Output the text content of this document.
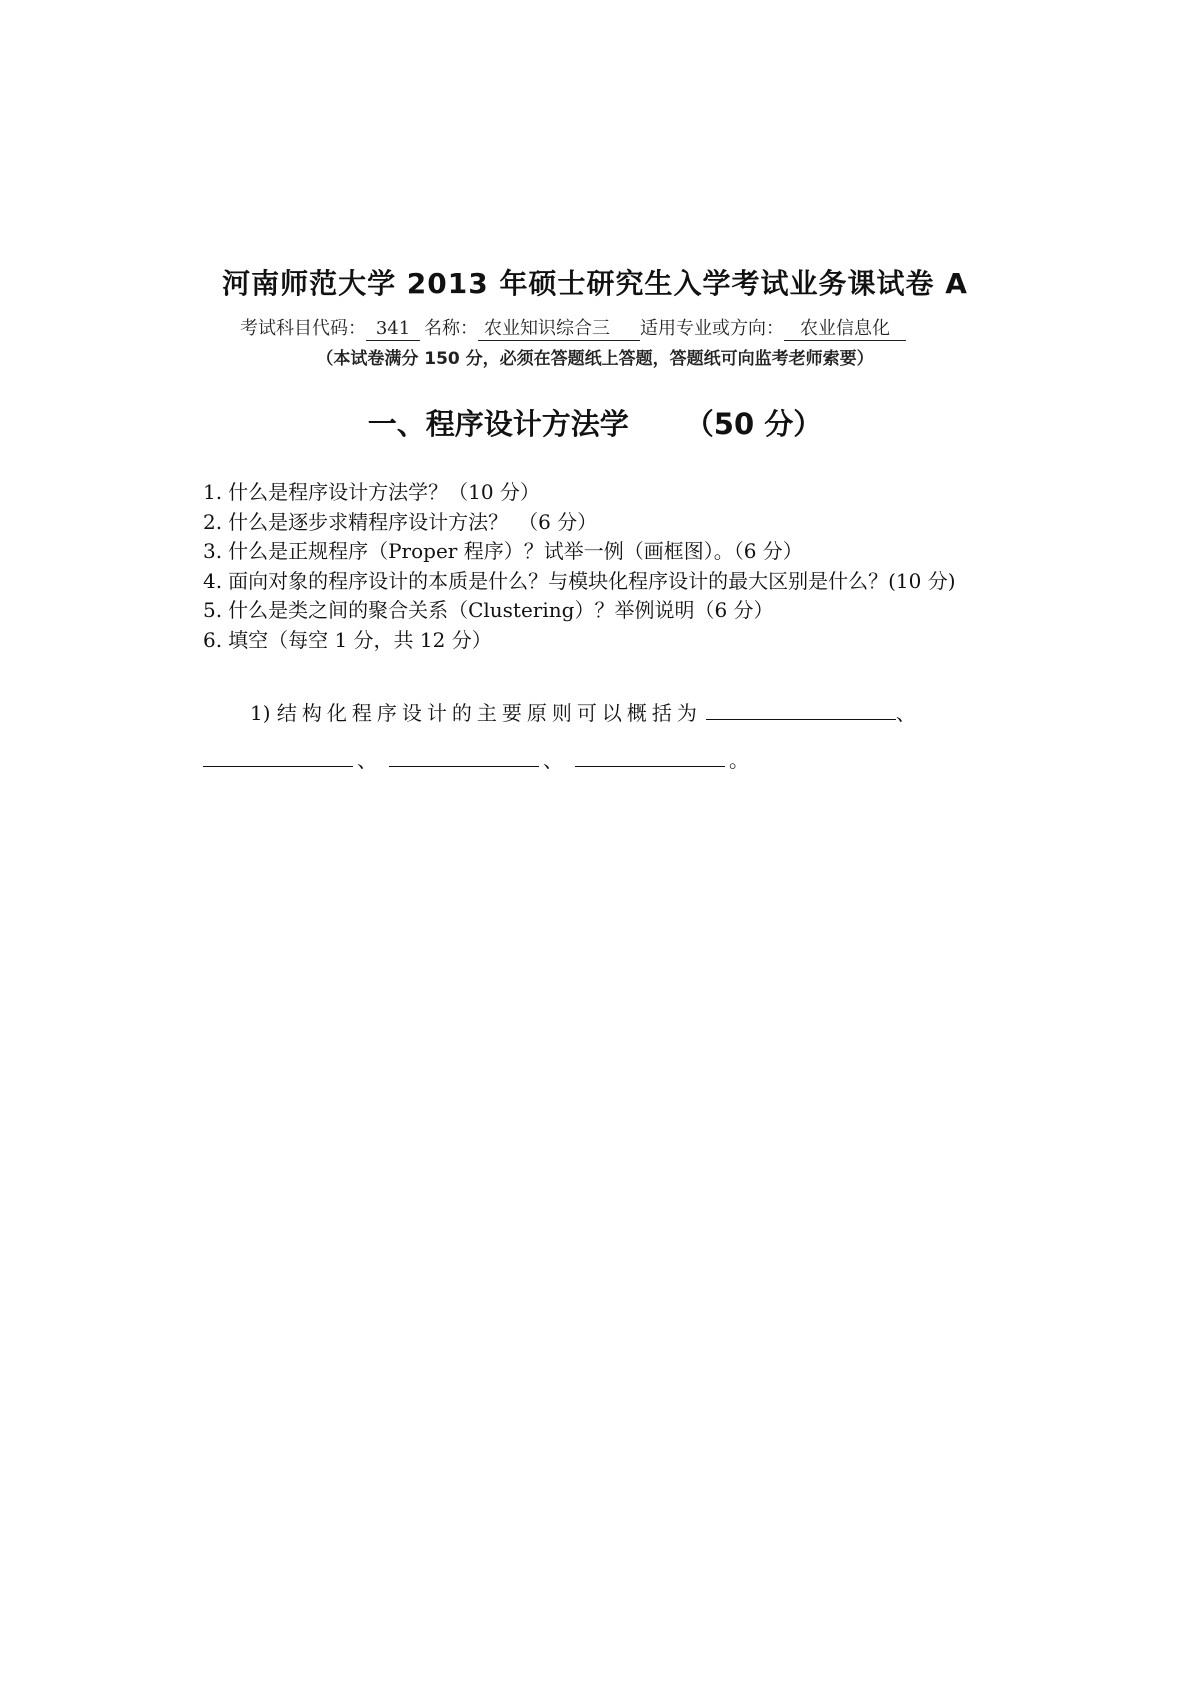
河南师范大学 2013 年硕士研究生入学考试业务课试卷 A
考试科目代码： 341 名称： 农业知识综合三 适用专业或方向： 农业信息化
（本试卷满分 150 分，必须在答题纸上答题，答题纸可向监考老师索要）
一、程序设计方法学 （50 分）

1. 什么是程序设计方法学？（10 分）

2. 什么是逐步求精程序设计方法？　（6 分）

3. 什么是正规程序（Proper 程序）？试举一例（画框图）。（6 分）

4. 面向对象的程序设计的本质是什么？与模块化程序设计的最大区别是什么？(10 分)

5. 什么是类之间的聚合关系（Clustering）？举例说明（6 分）

6. 填空（每空 1 分，共 12 分）

1) 结构化程序设计的主要原则可以概括为	、
、	、	。
